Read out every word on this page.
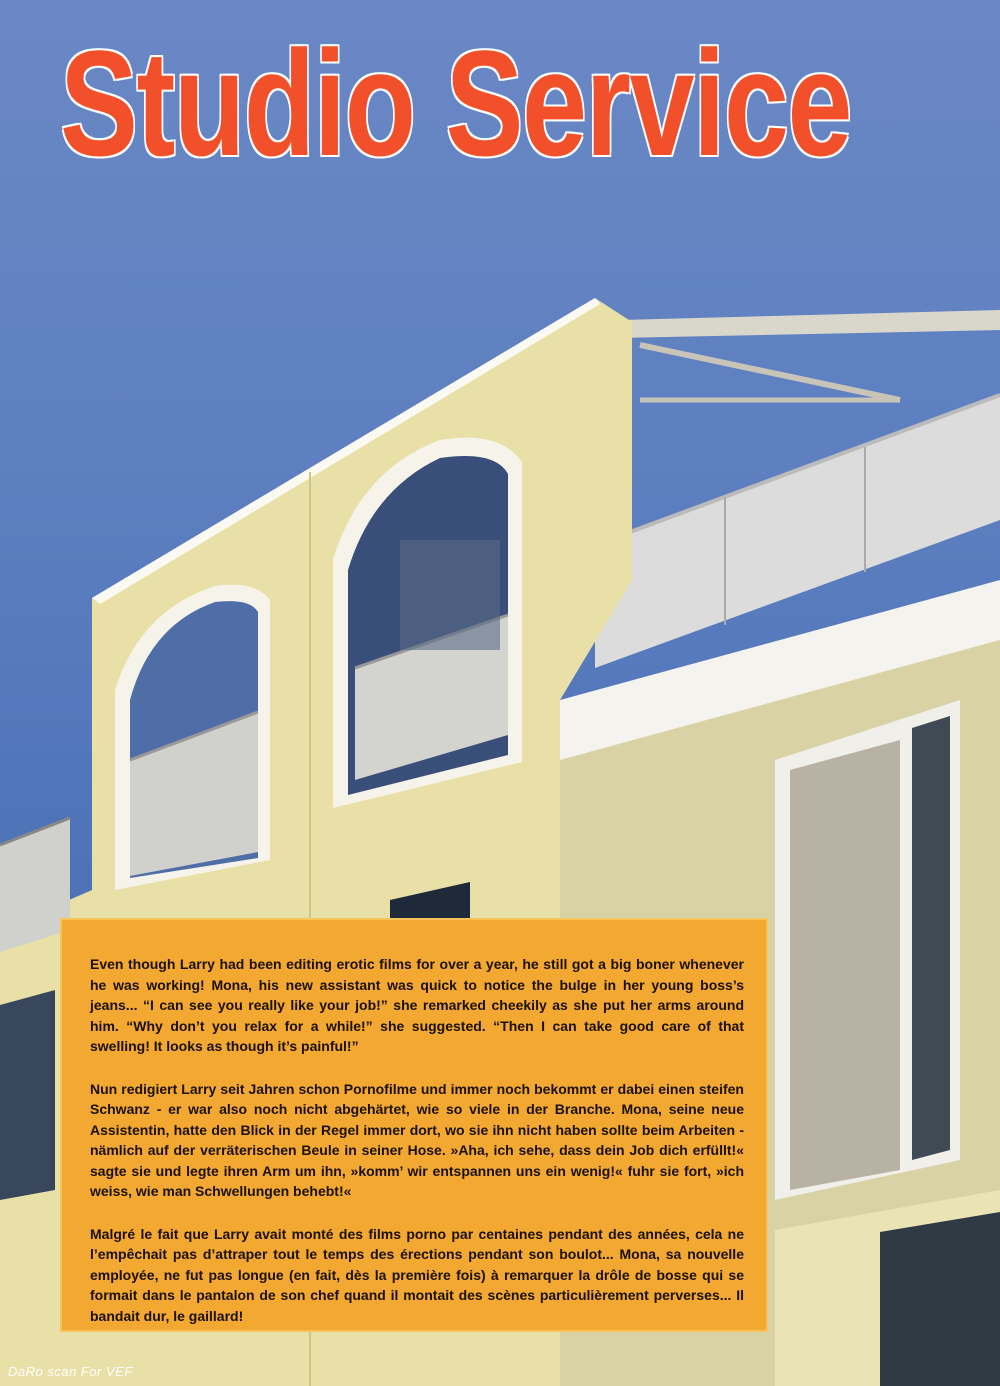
Studio Service

Even though Larry had been editing erotic films for over a year, he still got a big boner whenever he was working! Mona, his new assistant was quick to notice the bulge in her young boss’s jeans... “I can see you really like your job!” she remarked cheekily as she put her arms around him. “Why don’t you relax for a while!” she suggested. “Then I can take good care of that swelling! It looks as though it’s painful!”

Nun redigiert Larry seit Jahren schon Pornofilme und immer noch bekommt er dabei einen steifen Schwanz - er war also noch nicht abgehärtet, wie so viele in der Branche. Mona, seine neue Assistentin, hatte den Blick in der Regel immer dort, wo sie ihn nicht haben sollte beim Arbeiten - nämlich auf der verräterischen Beule in seiner Hose. »Aha, ich sehe, dass dein Job dich erfüllt!« sagte sie und legte ihren Arm um ihn, »komm’ wir entspannen uns ein wenig!« fuhr sie fort, »ich weiss, wie man Schwellungen behebt!«

Malgré le fait que Larry avait monté des films porno par centaines pendant des années, cela ne l’empêchait pas d’attraper tout le temps des érections pendant son boulot... Mona, sa nouvelle employée, ne fut pas longue (en fait, dès la première fois) à remarquer la drôle de bosse qui se formait dans le pantalon de son chef quand il montait des scènes particulièrement perverses... Il bandait dur, le gaillard!

DaRo scan For VEF
